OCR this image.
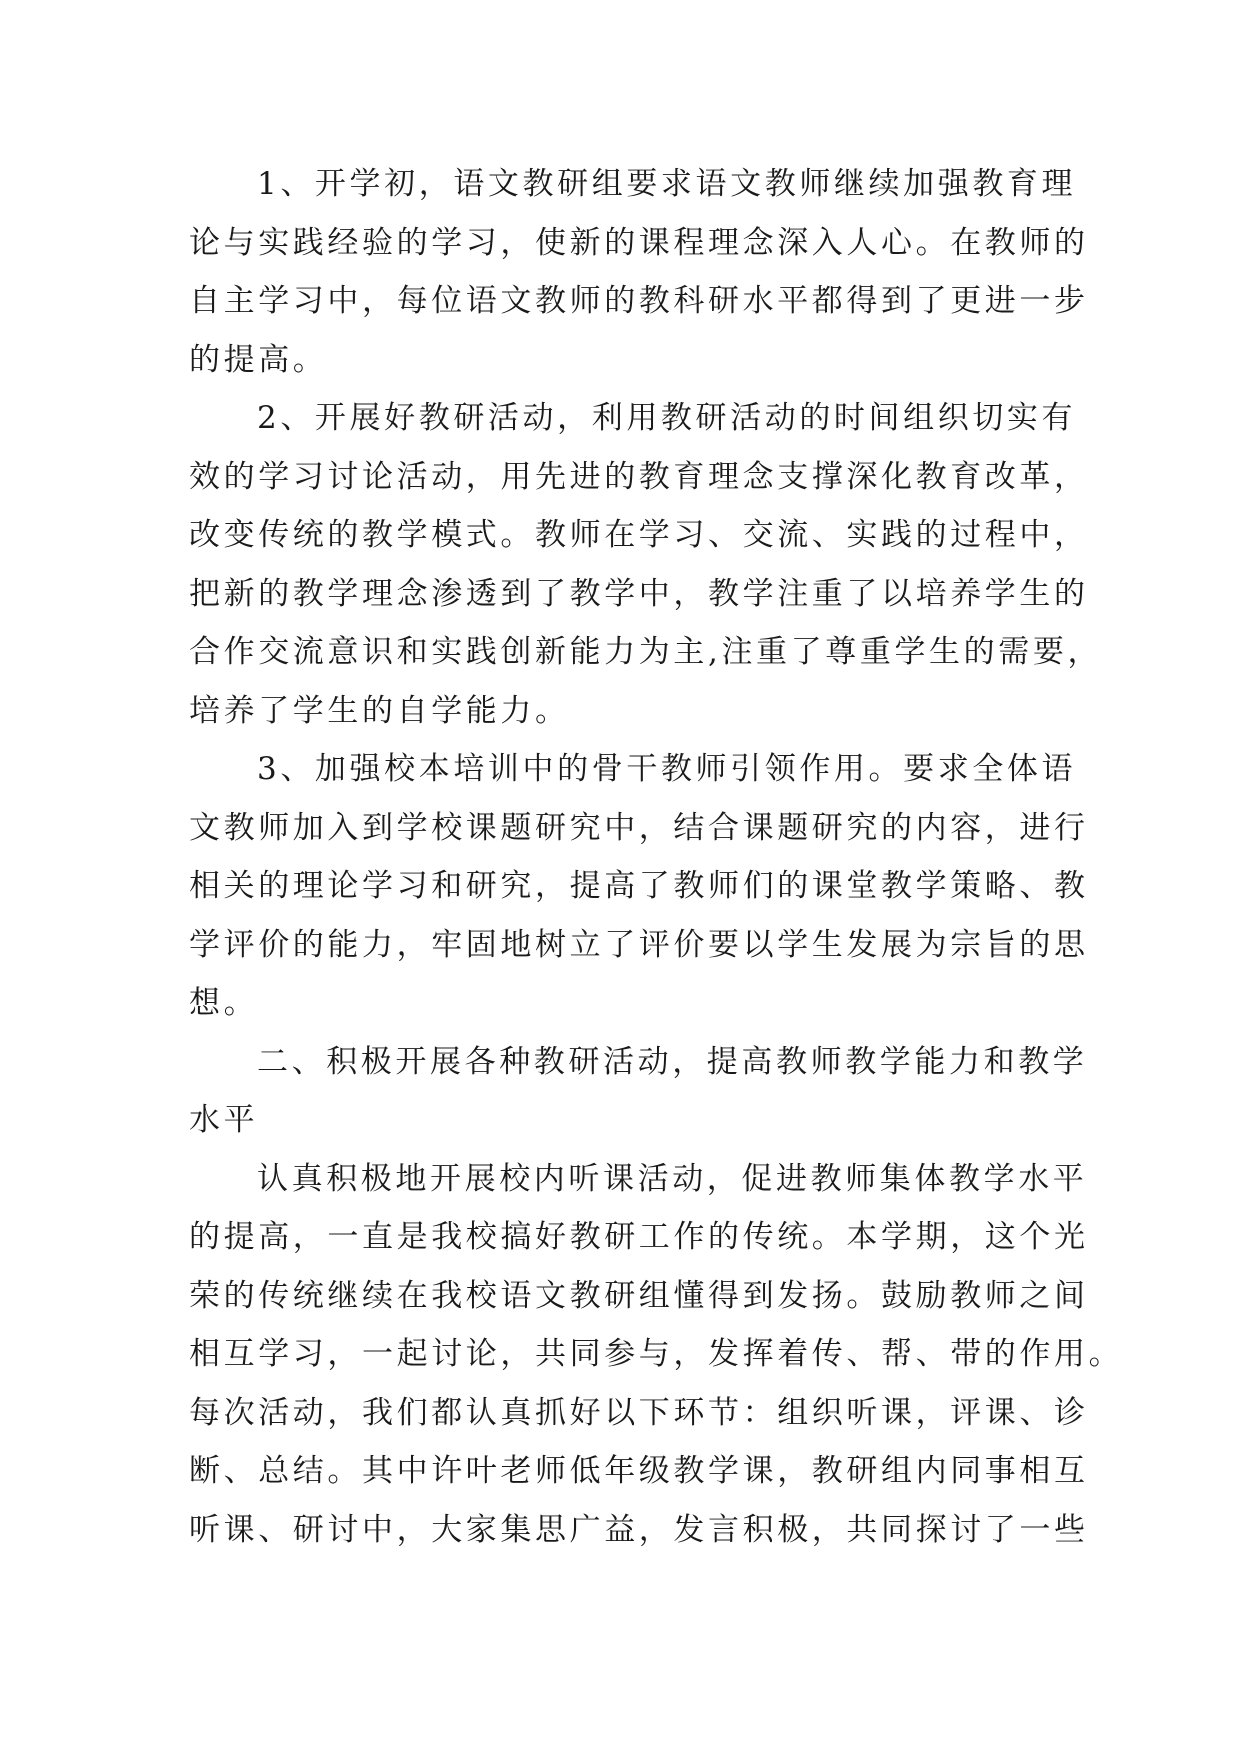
1、开学初，语文教研组要求语文教师继续加强教育理
论与实践经验的学习，使新的课程理念深入人心。在教师的
自主学习中，每位语文教师的教科研水平都得到了更进一步
的提高。
2、开展好教研活动，利用教研活动的时间组织切实有
效的学习讨论活动，用先进的教育理念支撑深化教育改革，
改变传统的教学模式。教师在学习、交流、实践的过程中，
把新的教学理念渗透到了教学中，教学注重了以培养学生的
合作交流意识和实践创新能力为主,注重了尊重学生的需要，
培养了学生的自学能力。
3、加强校本培训中的骨干教师引领作用。要求全体语
文教师加入到学校课题研究中，结合课题研究的内容，进行
相关的理论学习和研究，提高了教师们的课堂教学策略、教
学评价的能力，牢固地树立了评价要以学生发展为宗旨的思
想。
二、积极开展各种教研活动，提高教师教学能力和教学
水平
认真积极地开展校内听课活动，促进教师集体教学水平
的提高，一直是我校搞好教研工作的传统。本学期，这个光
荣的传统继续在我校语文教研组懂得到发扬。鼓励教师之间
相互学习，一起讨论，共同参与，发挥着传、帮、带的作用。
每次活动，我们都认真抓好以下环节：组织听课，评课、诊
断、总结。其中许叶老师低年级教学课，教研组内同事相互
听课、研讨中，大家集思广益，发言积极，共同探讨了一些
